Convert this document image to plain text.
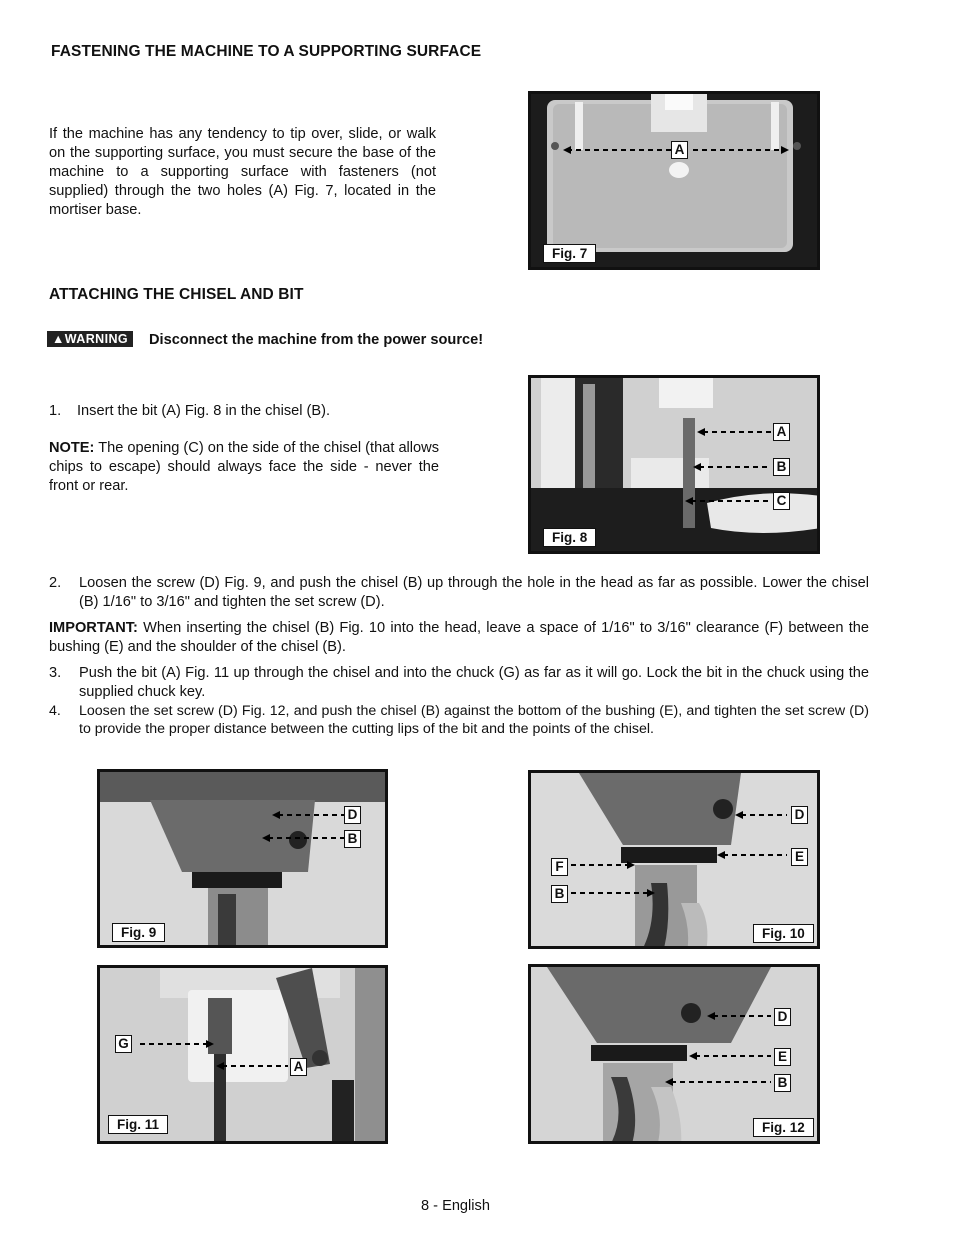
FASTENING THE MACHINE TO A SUPPORTING SURFACE

If the machine has any tendency to tip over, slide, or walk on the supporting surface, you must secure the base of the machine to a supporting surface with fasteners (not supplied) through the two holes (A) Fig. 7, located in the mortiser base.

A
Fig. 7
ATTACHING THE CHISEL AND BIT
▲WARNING	Disconnect the machine from the power source!
1.	Insert the bit (A) Fig. 8 in the chisel (B).

NOTE: The opening (C) on the side of the chisel (that allows chips to escape) should always face the side - never the front or rear.

A
B
C
Fig. 8
2.	Loosen the screw (D) Fig. 9, and push the chisel (B) up through the hole in the head as far as possible. Lower the chisel (B) 1/16" to 3/16" and tighten the set screw (D).

IMPORTANT: When inserting the chisel (B) Fig. 10 into the head, leave a space of 1/16" to 3/16" clearance (F) between the bushing (E) and the shoulder of the chisel (B).

3.	Push the bit (A) Fig. 11 up through the chisel and into the chuck (G) as far as it will go. Lock the bit in the chuck using the supplied chuck key.
4.	Loosen the set screw (D) Fig. 12, and push the chisel (B) against the bottom of the bushing (E), and tighten the set screw (D) to provide the proper distance between the cutting lips of the bit and the points of the chisel.
D
B
Fig. 9
D
E
F
B
Fig. 10
G
A
Fig. 11
D
E
B
Fig. 12
8 - English
